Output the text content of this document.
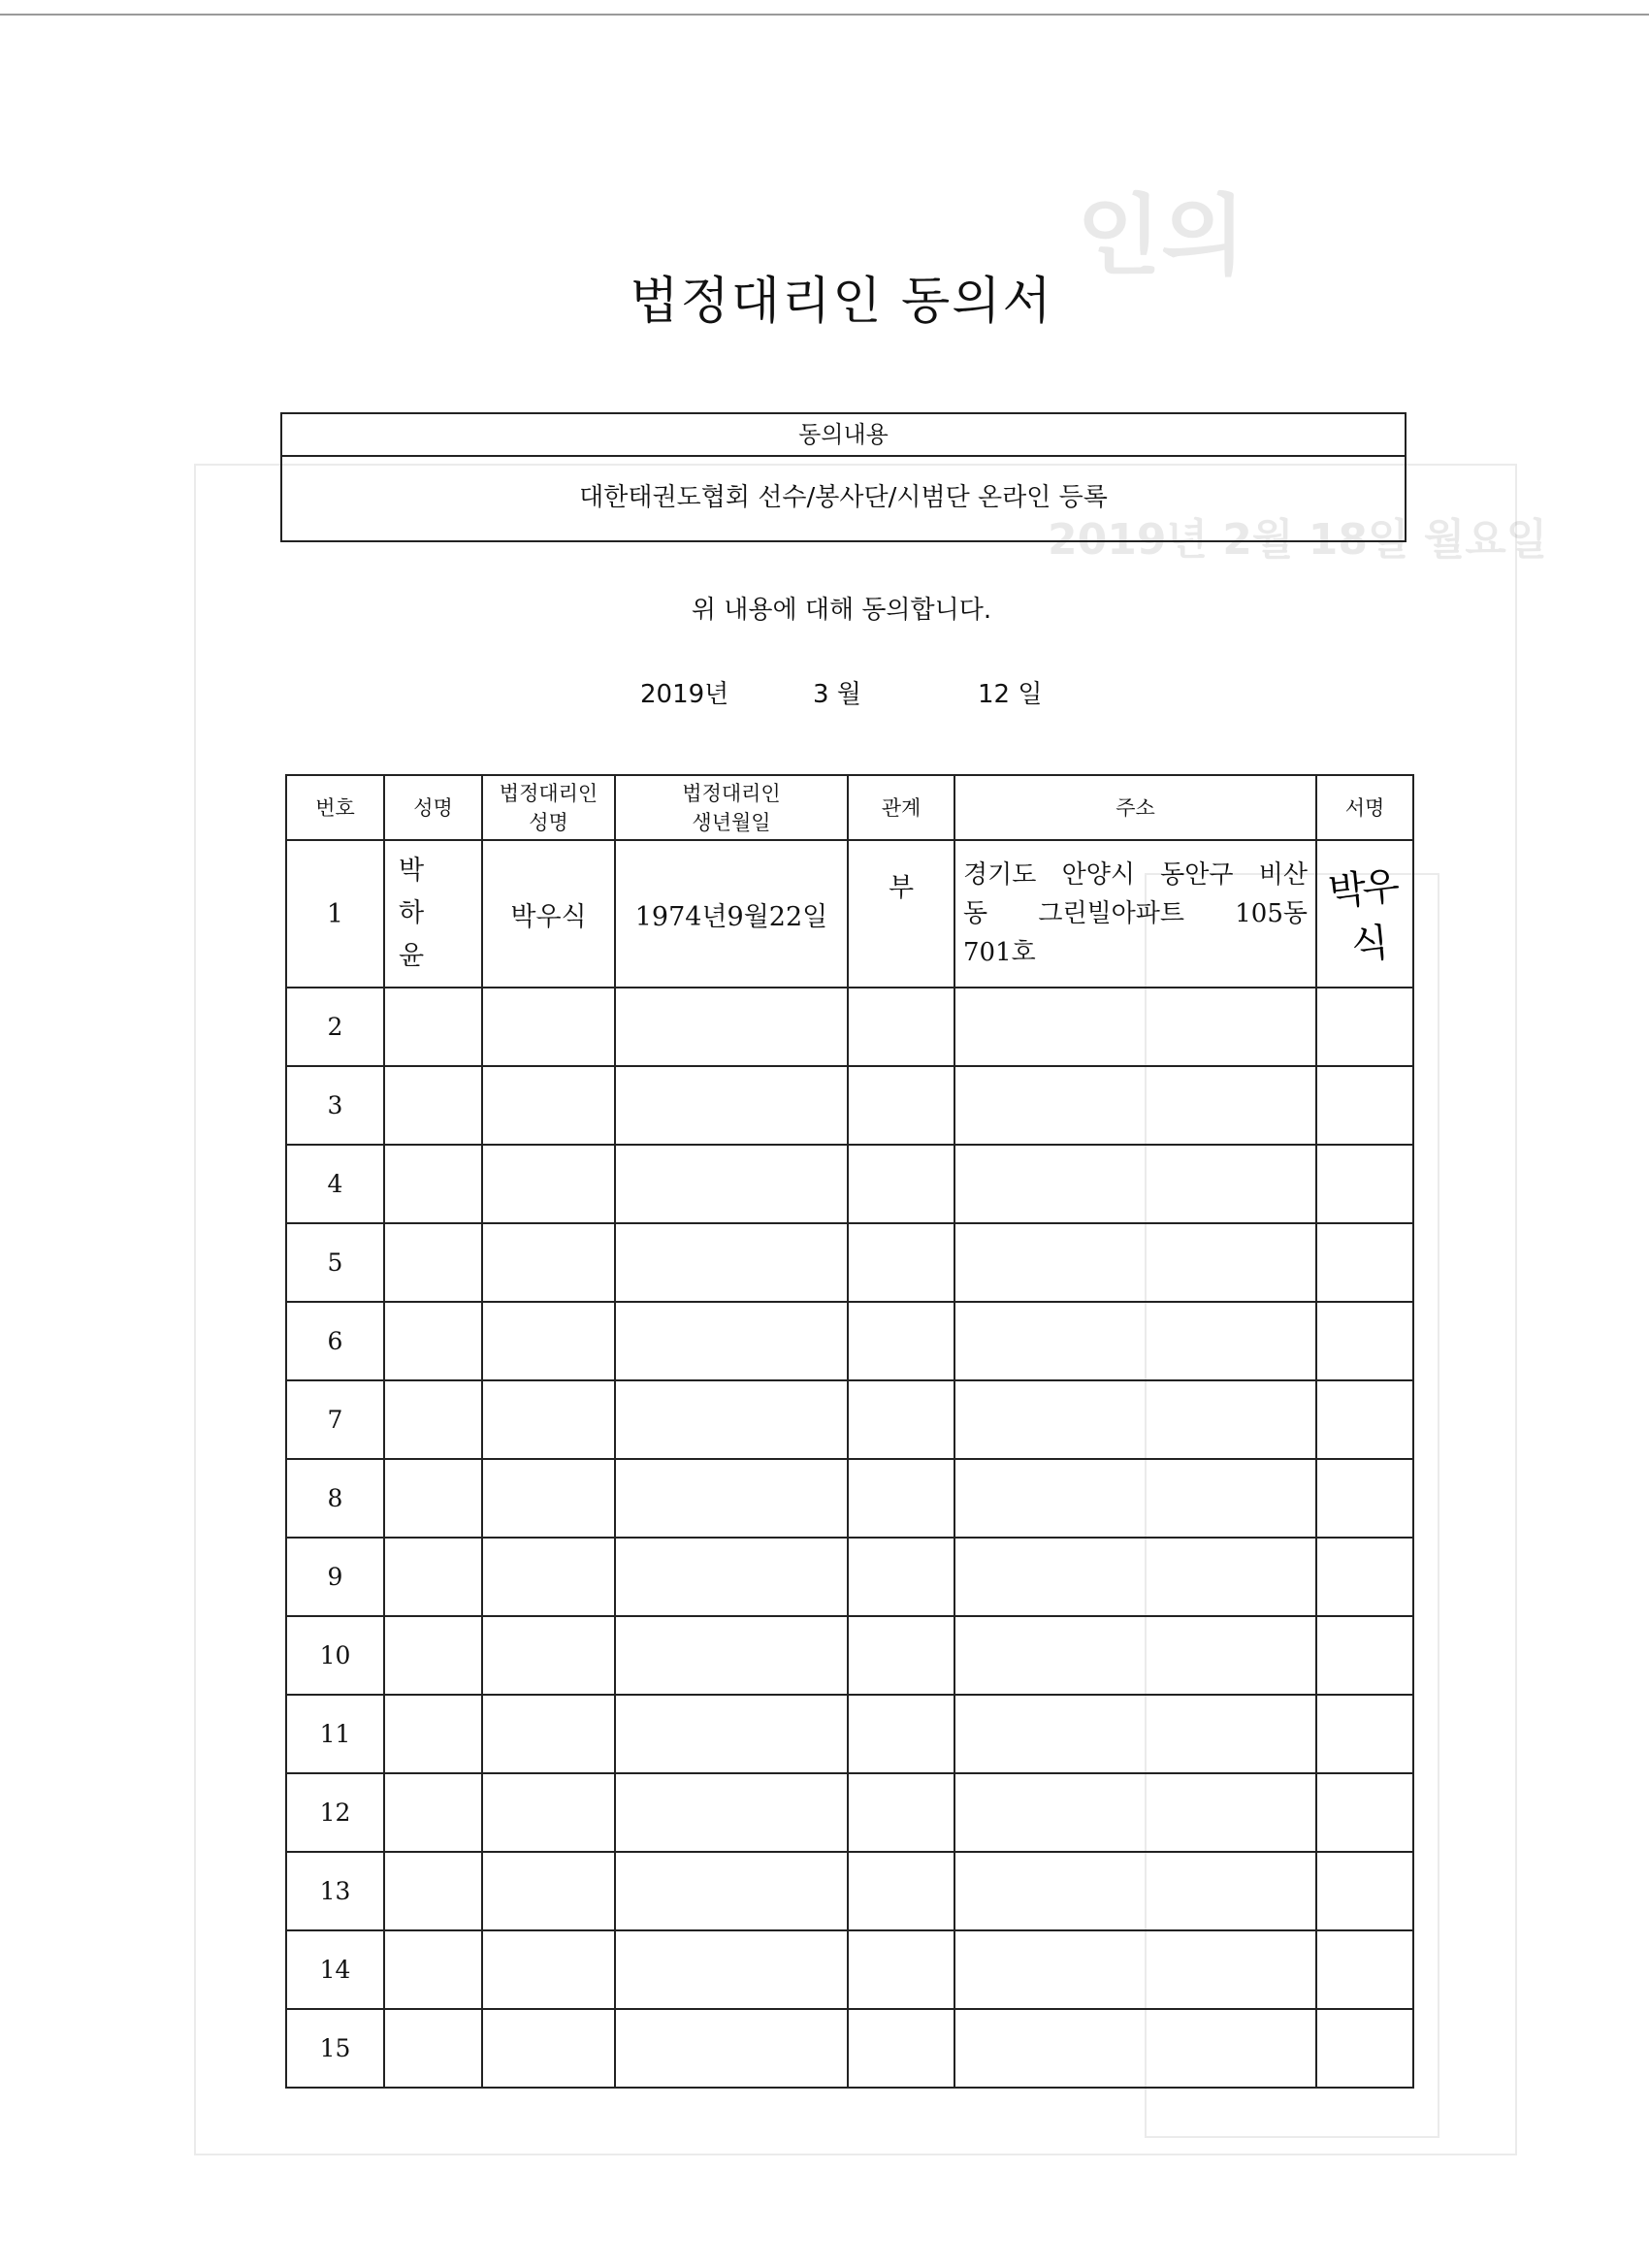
2019년 2월 18일 월요일
인의
법정대리인 동의서
동의내용
대한태권도협회 선수/봉사단/시범단 온라인 등록
위 내용에 대해 동의합니다.
2019년	3 월	12 일
번호	성명	법정대리인 성명	법정대리인 생년월일	관계	주소	서명
1	박하윤	박우식	1974년9월22일	부	경기도 안양시 동안구 비산
동 그린빌아파트 105동
701호	박우식
2						
3						
4						
5						
6						
7						
8						
9						
10						
11						
12						
13						
14						
15						
